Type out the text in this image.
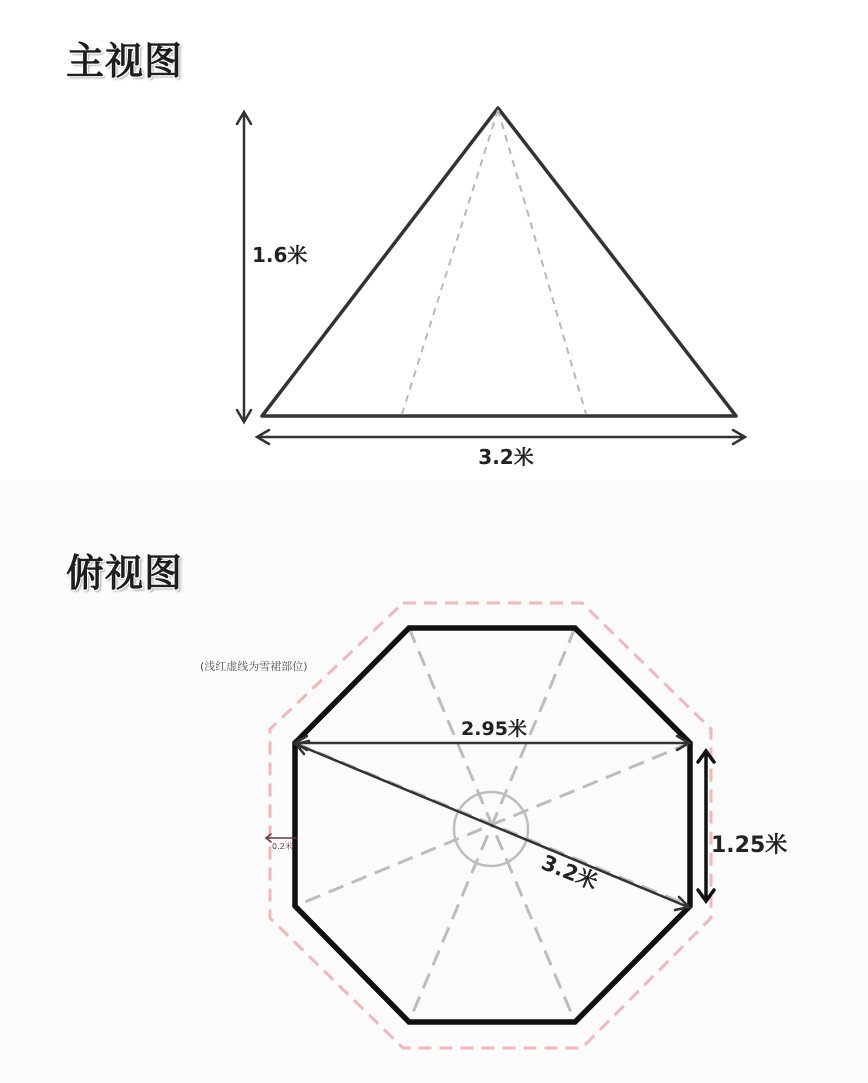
主视图
1.6米
3.2米
俯视图
(浅红虚线为雪裙部位)
2.95米
3.2米
1.25米
0.2米
